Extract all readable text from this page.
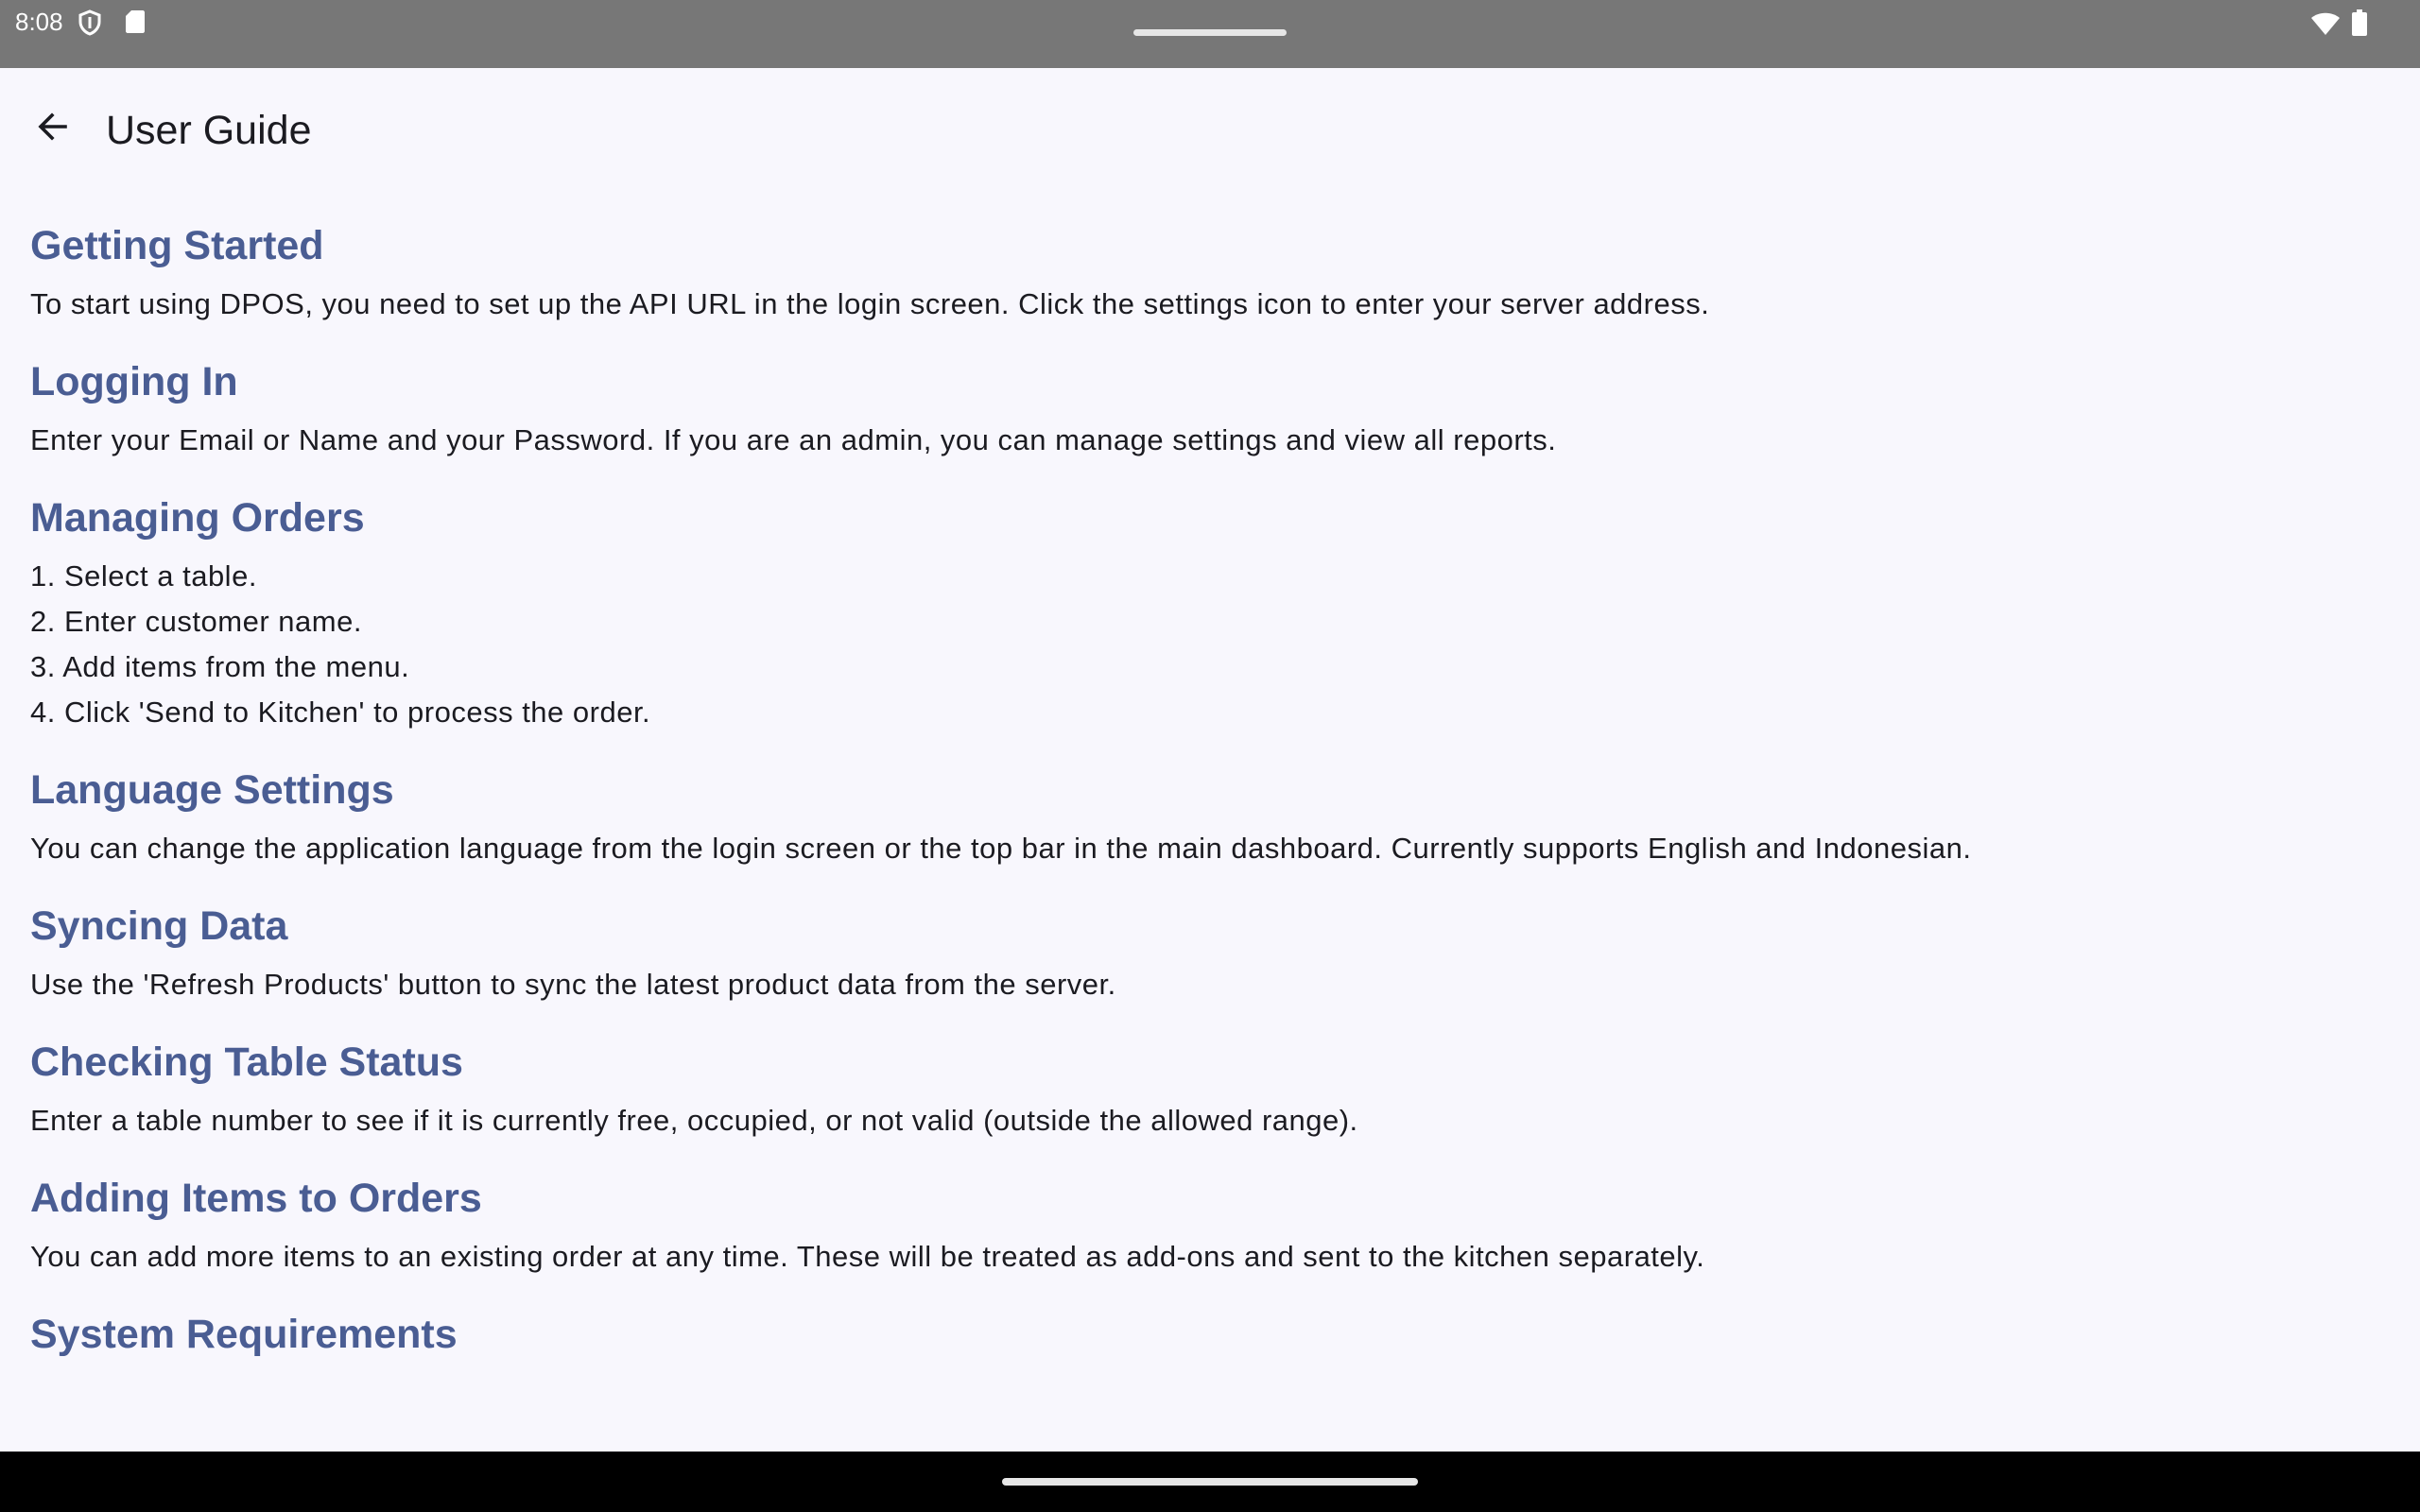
8:08
User Guide
Getting Started
To start using DPOS, you need to set up the API URL in the login screen. Click the settings icon to enter your server address.
Logging In
Enter your Email or Name and your Password. If you are an admin, you can manage settings and view all reports.
Managing Orders
1. Select a table.
2. Enter customer name.
3. Add items from the menu.
4. Click 'Send to Kitchen' to process the order.
Language Settings
You can change the application language from the login screen or the top bar in the main dashboard. Currently supports English and Indonesian.
Syncing Data
Use the 'Refresh Products' button to sync the latest product data from the server.
Checking Table Status
Enter a table number to see if it is currently free, occupied, or not valid (outside the allowed range).
Adding Items to Orders
You can add more items to an existing order at any time. These will be treated as add-ons and sent to the kitchen separately.
System Requirements
